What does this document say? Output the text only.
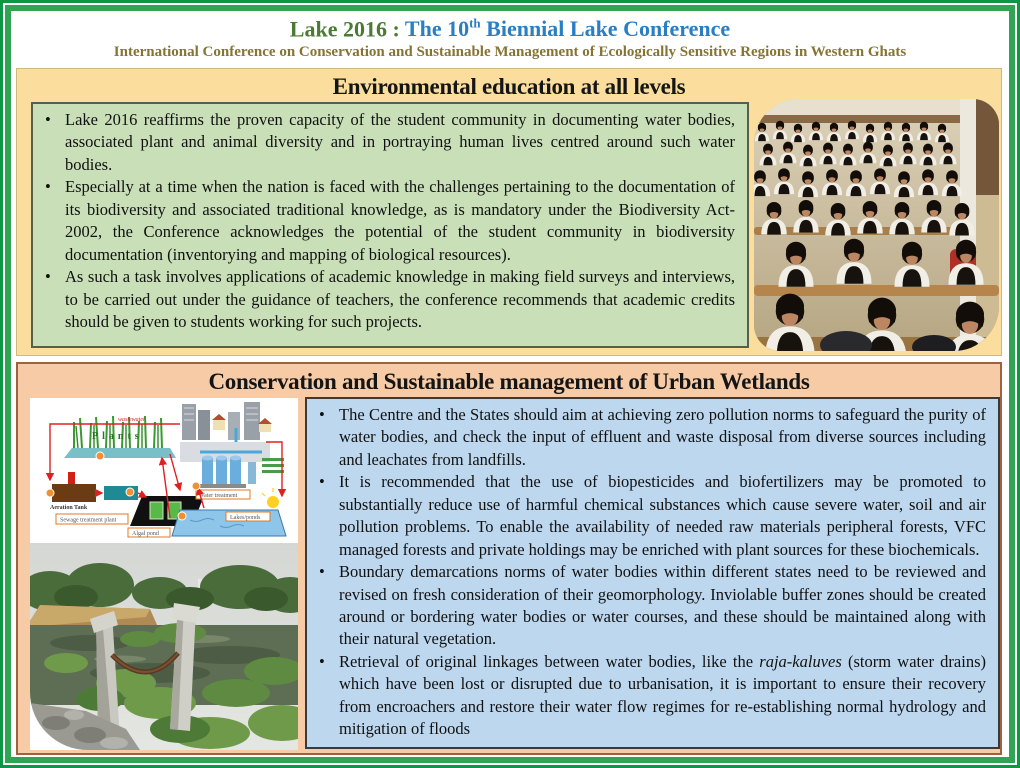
Lake 2016 : The 10th Biennial Lake Conference
International Conference on Conservation and Sustainable Management of Ecologically Sensitive Regions in Western Ghats
Environmental education at all levels
• Lake 2016 reaffirms the proven capacity of the student community in documenting water bodies, associated plant and animal diversity and in portraying human lives centred around such water bodies.
• Especially at a time when the nation is faced with the challenges pertaining to the documentation of its biodiversity and associated traditional knowledge, as is mandatory under the Biodiversity Act-2002, the Conference acknowledges the potential of the student community in biodiversity documentation (inventorying and mapping of biological resources).
• As such a task involves applications of academic knowledge in making field surveys and interviews, to be carried out under the guidance of teachers, the conference recommends that academic credits should be given to students working for such projects.
Conservation and Sustainable management of Urban Wetlands
Plants
Aeration Tank
Sewage treatment plant
Algal pond
Water treatment
Lakes/ponds
wastewater	• The Centre and the States should aim at achieving zero pollution norms to safeguard the purity of water bodies, and check the input of effluent and waste disposal from diverse sources including and leachates from landfills.
• It is recommended that the use of biopesticides and biofertilizers may be promoted to substantially reduce use of harmful chemical substances which cause severe water, soil and air pollution problems. To enable the availability of needed raw materials peripheral forests, VFC managed forests and private holdings may be enriched with plant sources for these biochemicals.
• Boundary demarcations norms of water bodies within different states need to be reviewed and revised on fresh consideration of their geomorphology. Inviolable buffer zones should be created around or bordering water bodies or water courses, and these should be maintained along with their natural vegetation.
• Retrieval of original linkages between water bodies, like the raja-kaluves (storm water drains) which have been lost or disrupted due to urbanisation, it is important to ensure their recovery from encroachers and restore their water flow regimes for re-establishing normal hydrology and mitigation of floods
